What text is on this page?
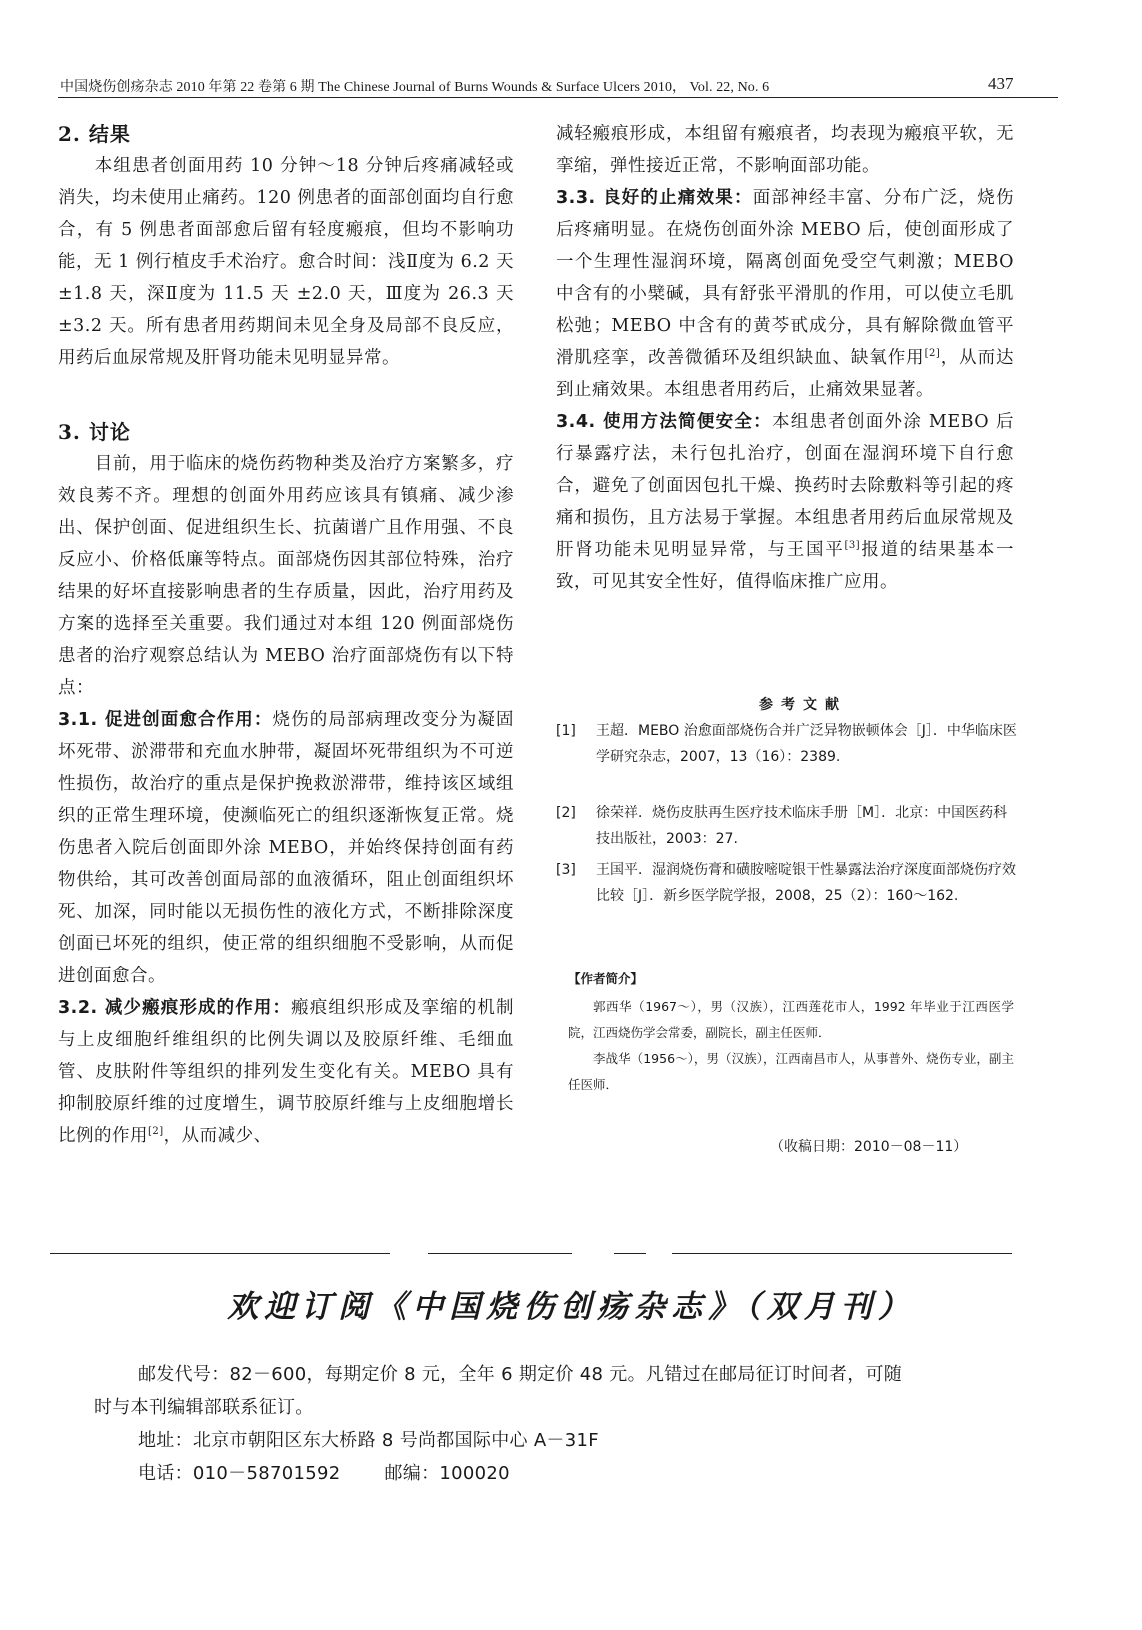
中国烧伤创疡杂志 2010 年第 22 卷第 6 期 The Chinese Journal of Burns Wounds & Surface Ulcers 2010， Vol. 22, No. 6	437
2. 结果

本组患者创面用药 10 分钟～18 分钟后疼痛减轻或消失，均未使用止痛药。120 例患者的面部创面均自行愈合，有 5 例患者面部愈后留有轻度瘢痕，但均不影响功能，无 1 例行植皮手术治疗。愈合时间：浅Ⅱ度为 6.2 天 ±1.8 天，深Ⅱ度为 11.5 天 ±2.0 天，Ⅲ度为 26.3 天 ±3.2 天。所有患者用药期间未见全身及局部不良反应，用药后血尿常规及肝肾功能未见明显异常。

3. 讨论

目前，用于临床的烧伤药物种类及治疗方案繁多，疗效良莠不齐。理想的创面外用药应该具有镇痛、减少渗出、保护创面、促进组织生长、抗菌谱广且作用强、不良反应小、价格低廉等特点。面部烧伤因其部位特殊，治疗结果的好坏直接影响患者的生存质量，因此，治疗用药及方案的选择至关重要。我们通过对本组 120 例面部烧伤患者的治疗观察总结认为 MEBO 治疗面部烧伤有以下特点：

3.1. 促进创面愈合作用：烧伤的局部病理改变分为凝固坏死带、淤滞带和充血水肿带，凝固坏死带组织为不可逆性损伤，故治疗的重点是保护挽救淤滞带，维持该区域组织的正常生理环境，使濒临死亡的组织逐渐恢复正常。烧伤患者入院后创面即外涂 MEBO，并始终保持创面有药物供给，其可改善创面局部的血液循环，阻止创面组织坏死、加深，同时能以无损伤性的液化方式，不断排除深度创面已坏死的组织，使正常的组织细胞不受影响，从而促进创面愈合。

3.2. 减少瘢痕形成的作用：瘢痕组织形成及挛缩的机制与上皮细胞纤维组织的比例失调以及胶原纤维、毛细血管、皮肤附件等组织的排列发生变化有关。MEBO 具有抑制胶原纤维的过度增生，调节胶原纤维与上皮细胞增长比例的作用[2]，从而减少、

减轻瘢痕形成，本组留有瘢痕者，均表现为瘢痕平软，无挛缩，弹性接近正常，不影响面部功能。

3.3. 良好的止痛效果：面部神经丰富、分布广泛，烧伤后疼痛明显。在烧伤创面外涂 MEBO 后，使创面形成了一个生理性湿润环境，隔离创面免受空气刺激；MEBO 中含有的小檗碱，具有舒张平滑肌的作用，可以使立毛肌松弛；MEBO 中含有的黄芩甙成分，具有解除微血管平滑肌痉挛，改善微循环及组织缺血、缺氧作用[2]，从而达到止痛效果。本组患者用药后，止痛效果显著。

3.4. 使用方法简便安全：本组患者创面外涂 MEBO 后行暴露疗法，未行包扎治疗，创面在湿润环境下自行愈合，避免了创面因包扎干燥、换药时去除敷料等引起的疼痛和损伤，且方法易于掌握。本组患者用药后血尿常规及肝肾功能未见明显异常，与王国平[3]报道的结果基本一致，可见其安全性好，值得临床推广应用。

参考文献
[1] 王超．MEBO 治愈面部烧伤合并广泛异物嵌顿体会［J］．中华临床医学研究杂志，2007，13（16）：2389.
[2] 徐荣祥．烧伤皮肤再生医疗技术临床手册［M］．北京：中国医药科技出版社，2003：27.
[3] 王国平．湿润烧伤膏和磺胺嘧啶银干性暴露法治疗深度面部烧伤疗效比较［J］．新乡医学院学报，2008，25（2）：160～162.
【作者简介】
郭西华（1967～），男（汉族），江西莲花市人，1992 年毕业于江西医学院，江西烧伤学会常委，副院长，副主任医师．
李战华（1956～），男（汉族），江西南昌市人，从事普外、烧伤专业，副主任医师．
（收稿日期：2010－08－11）
欢迎订阅《中国烧伤创疡杂志》（双月刊）
邮发代号：82－600，每期定价 8 元，全年 6 期定价 48 元。凡错过在邮局征订时间者，可随
时与本刊编辑部联系征订。
地址：北京市朝阳区东大桥路 8 号尚都国际中心 A－31F
电话：010－58701592 邮编：100020
